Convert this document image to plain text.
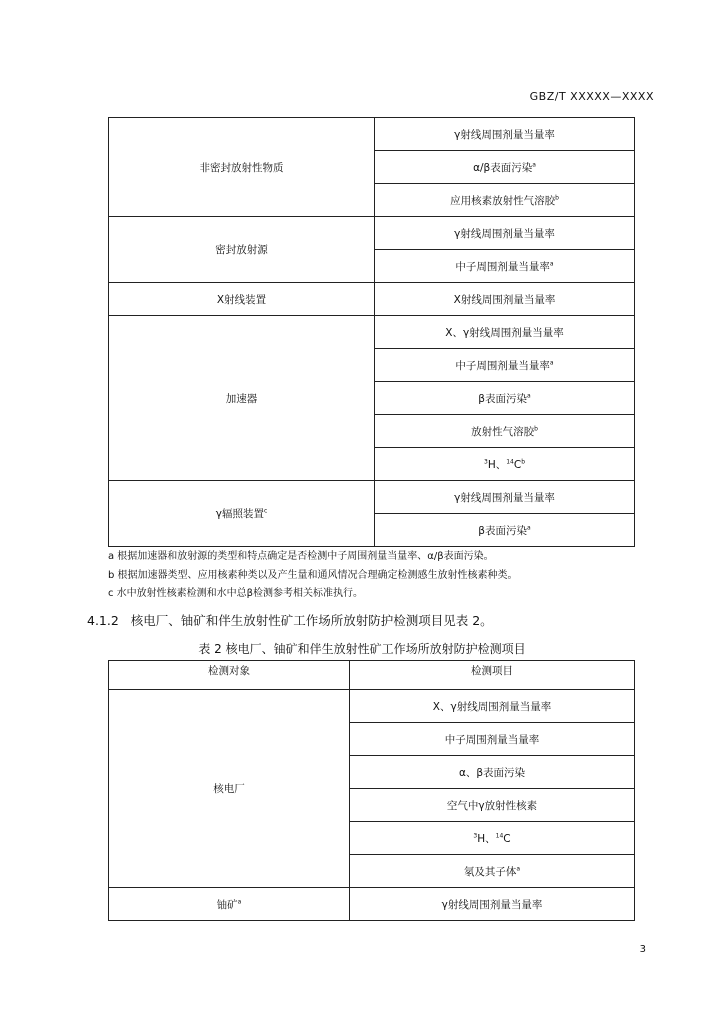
GBZ/T XXXXX—XXXX
非密封放射性物质	γ射线周围剂量当量率
	α/β表面污染$^a$
	应用核素放射性气溶胶$^b$
密封放射源	γ射线周围剂量当量率
	中子周围剂量当量率$^a$
X射线装置	X射线周围剂量当量率
加速器	X、γ射线周围剂量当量率
	中子周围剂量当量率$^a$
	β表面污染$^a$
	放射性气溶胶$^b$
	$^3$H、$^{14}C^b$
γ辐照装置$^c$	γ射线周围剂量当量率
	β表面污染$^a$
a 根据加速器和放射源的类型和特点确定是否检测中子周围剂量当量率、α/β表面污染。
b 根据加速器类型、应用核素种类以及产生量和通风情况合理确定检测感生放射性核素种类。
c 水中放射性核素检测和水中总β检测参考相关标准执行。
4.1.2 核电厂、铀矿和伴生放射性矿工作场所放射防护检测项目见表 2。
表 2 核电厂、铀矿和伴生放射性矿工作场所放射防护检测项目
检测对象	检测项目
核电厂	X、γ射线周围剂量当量率
	中子周围剂量当量率
	α、β表面污染
	空气中γ放射性核素
	$^3$H、$^{14}$C
	氡及其子体$^a$
铀矿$^a$	γ射线周围剂量当量率
3
